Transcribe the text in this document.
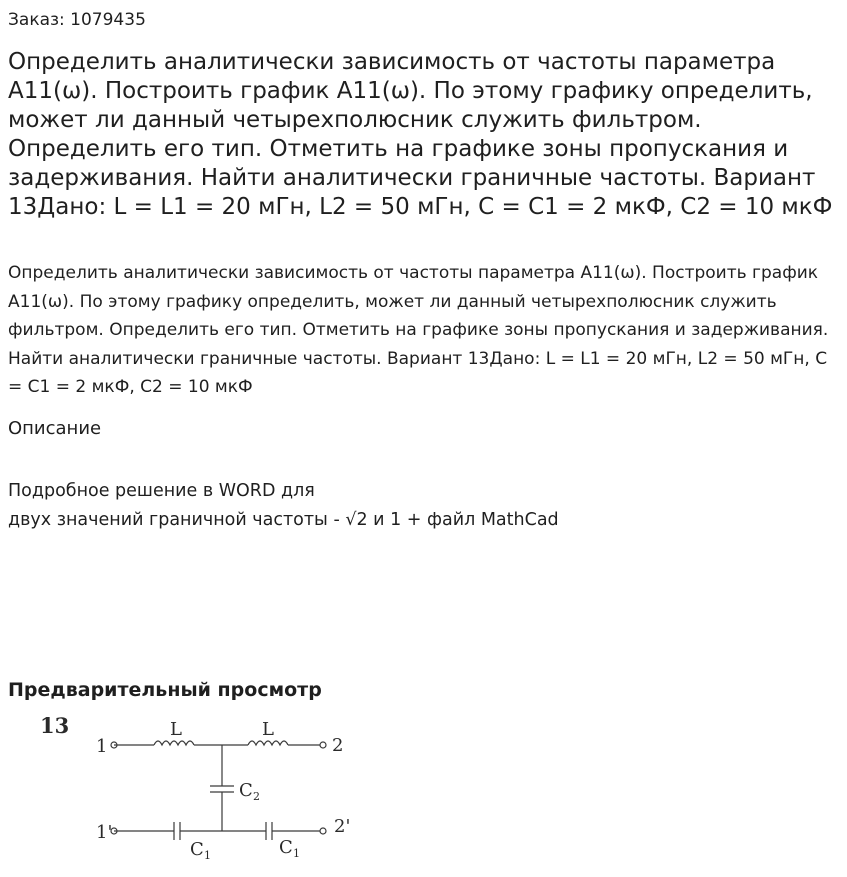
Заказ: 1079435
Определить аналитически зависимость от частоты параметра А11(ω). Построить график А11(ω). По этому графику определить, может ли данный четырехполюсник служить фильтром. Определить его тип. Отметить на графике зоны пропускания и задерживания. Найти аналитически граничные частоты. Вариант 13Дано: L = L1 = 20 мГн, L2 = 50 мГн, C = C1 = 2 мкФ, C2 = 10 мкФ

Определить аналитически зависимость от частоты параметра А11(ω). Построить график А11(ω). По этому графику определить, может ли данный четырехполюсник служить фильтром. Определить его тип. Отметить на графике зоны пропускания и задерживания. Найти аналитически граничные частоты. Вариант 13Дано: L = L1 = 20 мГн, L2 = 50 мГн, C = C1 = 2 мкФ, C2 = 10 мкФ

Описание
Подробное решение в WORD для
двух значений граничной частоты - √2 и 1 + файл MathCad
Предварительный просмотр
13
1	2
1'	2'
L	L
C 2
C 1	C 1
